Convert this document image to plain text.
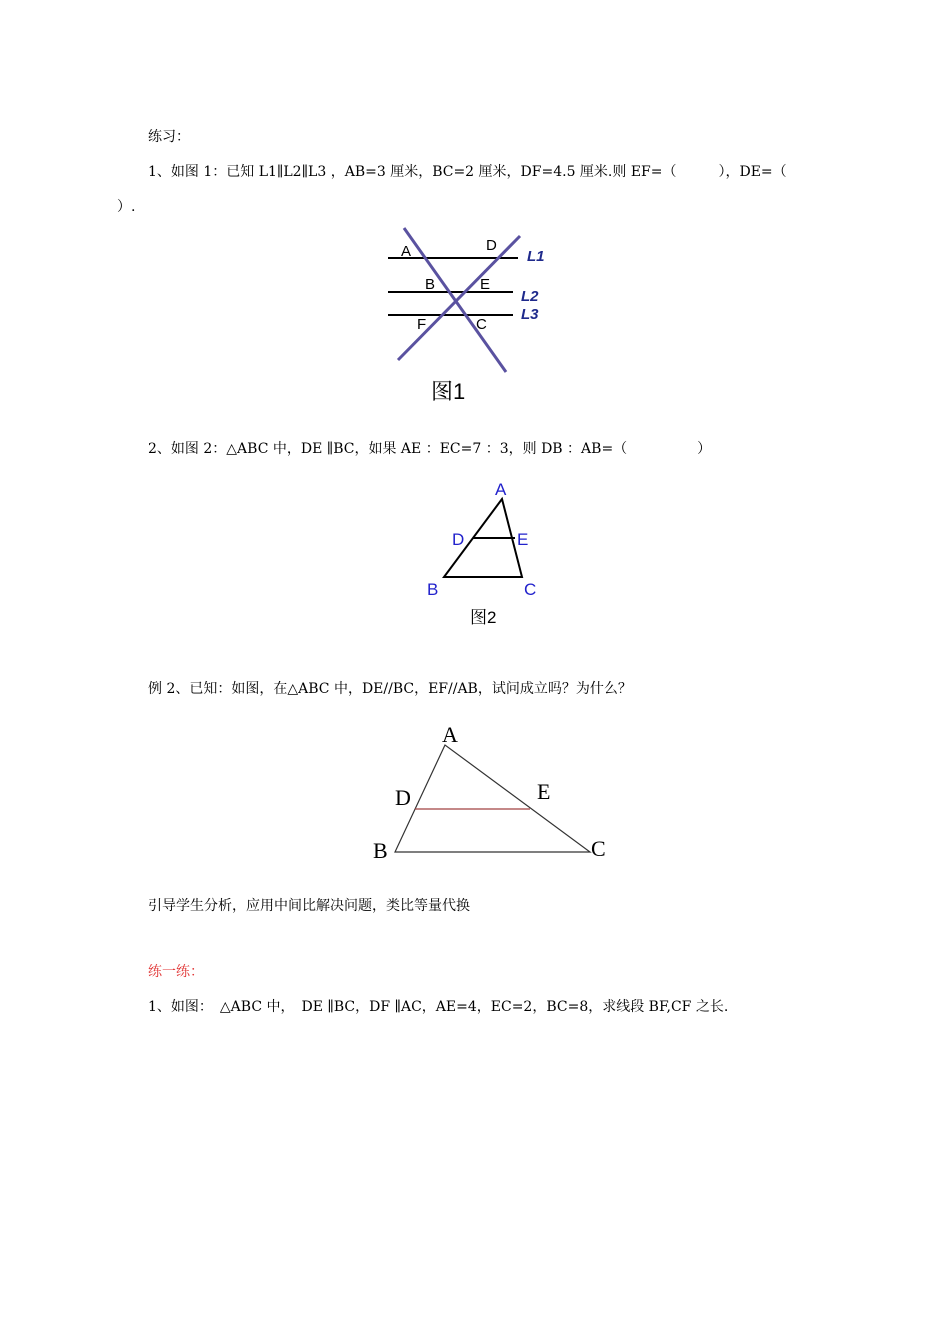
练习：
1、如图 1：已知 L1∥L2∥L3 ，AB=3 厘米，BC=2 厘米，DF=4.5 厘米.则 EF=（　　　），DE=（
）.
A	D
B	E
F	C
L1
L2
L3
图1
2、如图 2：△ABC 中，DE ∥BC，如果 AE ：EC=7 ：3，则 DB ：AB=（　　　　　）
A
D	E
B	C
图2
例 2、已知：如图，在△ABC 中，DE//BC，EF//AB，试问成立吗？为什么？
A
D	E
B	C
引导学生分析，应用中间比解决问题，类比等量代换
练一练：
1、如图：　△ABC 中，　DE ∥BC，DF ∥AC，AE=4，EC=2，BC=8，求线段 BF,CF 之长.
